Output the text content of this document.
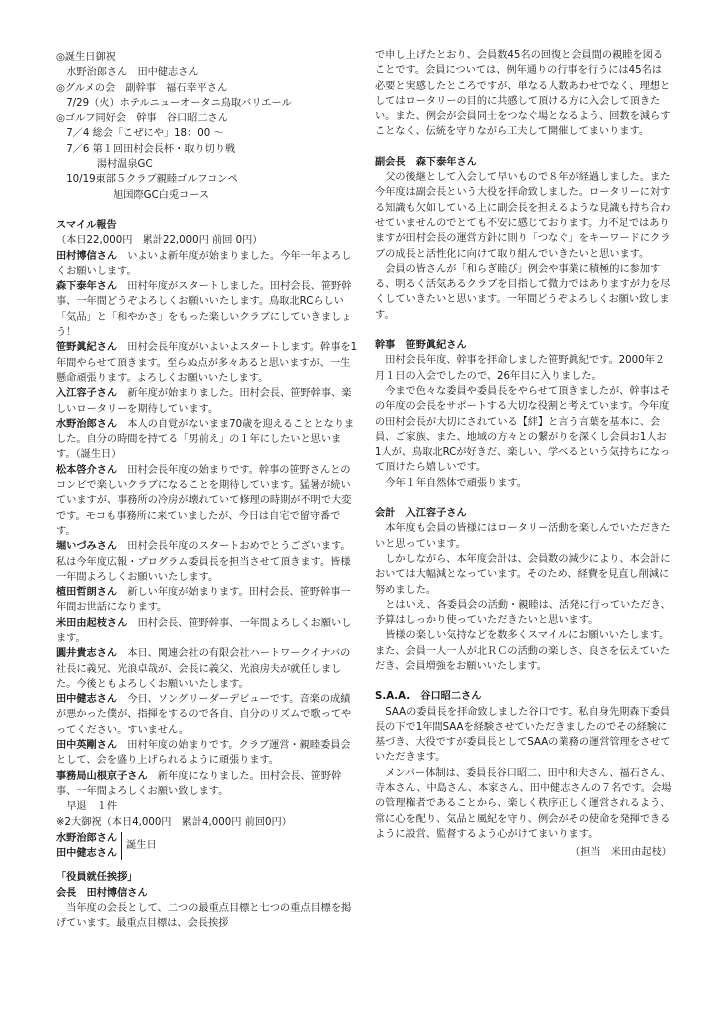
◎誕生日御祝

水野治郎さん　田中健志さん

◎グルメの会　副幹事　福石幸平さん

7/29（火）ホテルニューオータニ鳥取バリエール

◎ゴルフ同好会　幹事　谷口昭二さん

7／4 総会「こぜにや」18：00 ～

7／6 第１回田村会長杯・取り切り戦

湯村温泉GC

10/19東部５クラブ親睦ゴルフコンペ

旭国際GC白兎コース

スマイル報告

（本日22,000円　累計22,000円 前回 0円）

田村博信さん　いよいよ新年度が始まりました。今年一年よろしくお願いします。

森下泰年さん　田村年度がスタートしました。田村会長、笹野幹事、一年間どうぞよろしくお願いいたします。鳥取北RCらしい「気品」と「和やかさ」をもった楽しいクラブにしていきましょう！

笹野眞紀さん　田村会長年度がいよいよスタートします。幹事を1年間やらせて頂きます。至らぬ点が多々あると思いますが、一生懸命頑張ります。よろしくお願いいたします。

入江容子さん　新年度が始まりました。田村会長、笹野幹事、楽しいロータリーを期待しています。

水野治郎さん　本人の自覚がないまま70歳を迎えることとなりました。自分の時間を持てる「男前え」の１年にしたいと思います。（誕生日）

松本啓介さん　田村会長年度の始まりです。幹事の笹野さんとのコンビで楽しいクラブになることを期待しています。猛暑が続いていますが、事務所の冷房が壊れていて修理の時期が不明で大変です。モコも事務所に来ていましたが、今日は自宅で留守番です。

堀いづみさん　田村会長年度のスタートおめでとうございます。私は今年度広報・プログラム委員長を担当させて頂きます。皆様一年間よろしくお願いいたします。

植田哲朗さん　新しい年度が始まります。田村会長、笹野幹事一年間お世話になります。

米田由起枝さん　田村会長、笹野幹事、一年間よろしくお願いします。

圓井貴志さん　本日、関連会社の有限会社ハートワークイナバの社長に義兄、光浪卓哉が、会長に義父、光浪房夫が就任しました。今後ともよろしくお願いいたします。

田中健志さん　今日、ソングリーダーデビューです。音楽の成績が悪かった僕が、指揮をするので各自、自分のリズムで歌ってやってください。すいません。

田中英剛さん　田村年度の始まりです。クラブ運営・親睦委員会として、会を盛り上げられるように頑張ります。

事務局山根京子さん　新年度になりました。田村会長、笹野幹事、一年間よろしくお願い致します。

早退　１件

※2大御祝（本日4,000円　累計4,000円 前回0円）

水野治郎さん
田中健志さん
誕生日

「役員就任挨拶」

会長　田村博信さん

当年度の会長として、二つの最重点目標と七つの重点目標を掲げています。最重点目標は、会長挨拶

で申し上げたとおり、会員数45名の回復と会員間の親睦を図ることです。会員については、例年通りの行事を行うには45名は必要と実感したところですが、単なる人数あわせでなく、理想としてはロータリーの目的に共感して頂ける方に入会して頂きたい。また、例会が会員同士をつなぐ場となるよう、回数を減らすことなく、伝統を守りながら工夫して開催してまいります。

副会長　森下泰年さん

父の後継として入会して早いもので８年が経過しました。また今年度は副会長という大役を拝命致しました。ロータリーに対する知識も欠如している上に副会長を担えるような見識も持ち合わせていませんのでとても不安に感じております。力不足ではありますが田村会長の運営方針に則り「つなぐ」をキーワードにクラブの成長と活性化に向けて取り組んでいきたいと思います。

会員の皆さんが「和らぎ睦び」例会や事業に積極的に参加する、明るく活気あるクラブを目指して微力ではありますが力を尽くしていきたいと思います。一年間どうぞよろしくお願い致します。

幹事　笹野眞紀さん

田村会長年度、幹事を拝命しました笹野眞紀です。2000年２月１日の入会でしたので、26年目に入りました。

今まで色々な委員や委員長をやらせて頂きましたが、幹事はその年度の会長をサポートする大切な役割と考えています。今年度の田村会長が大切にされている【絆】と言う言葉を基本に、会員、ご家族、また、地域の方々との繋がりを深くし会員お1人お1人が、鳥取北RCが好きだ、楽しい、学べるという気持ちになって頂けたら嬉しいです。

今年１年自然体で頑張ります。

会計　入江容子さん

本年度も会員の皆様にはロータリー活動を楽しんでいただきたいと思っています。

しかしながら、本年度会計は、会員数の減少により、本会計においては大幅減となっています。そのため、経費を見直し削減に努めました。

とはいえ、各委員会の活動・親睦は、活発に行っていただき、予算はしっかり使っていただきたいと思います。

皆様の楽しい気持などを数多くスマイルにお願いいたします。また、会員一人一人が北ＲＣの活動の楽しさ、良さを伝えていただき、会員増強をお願いいたします。

S.A.A.　谷口昭二さん

SAAの委員長を拝命致しました谷口です。私自身先期森下委員長の下で1年間SAAを経験させていただきましたのでその経験に基づき、大役ですが委員長としてSAAの業務の運営管理をさせていただきます。

メンバー体制は、委員長谷口昭二、田中和夫さん、福石さん、寺本さん、中島さん、本家さん、田中健志さんの７名です。会場の管理権者であることから、楽しく秩序正しく運営されるよう、常に心を配り、気品と風紀を守り、例会がその使命を発揮できるように設営、監督するよう心がけてまいります。

（担当　米田由起枝）
